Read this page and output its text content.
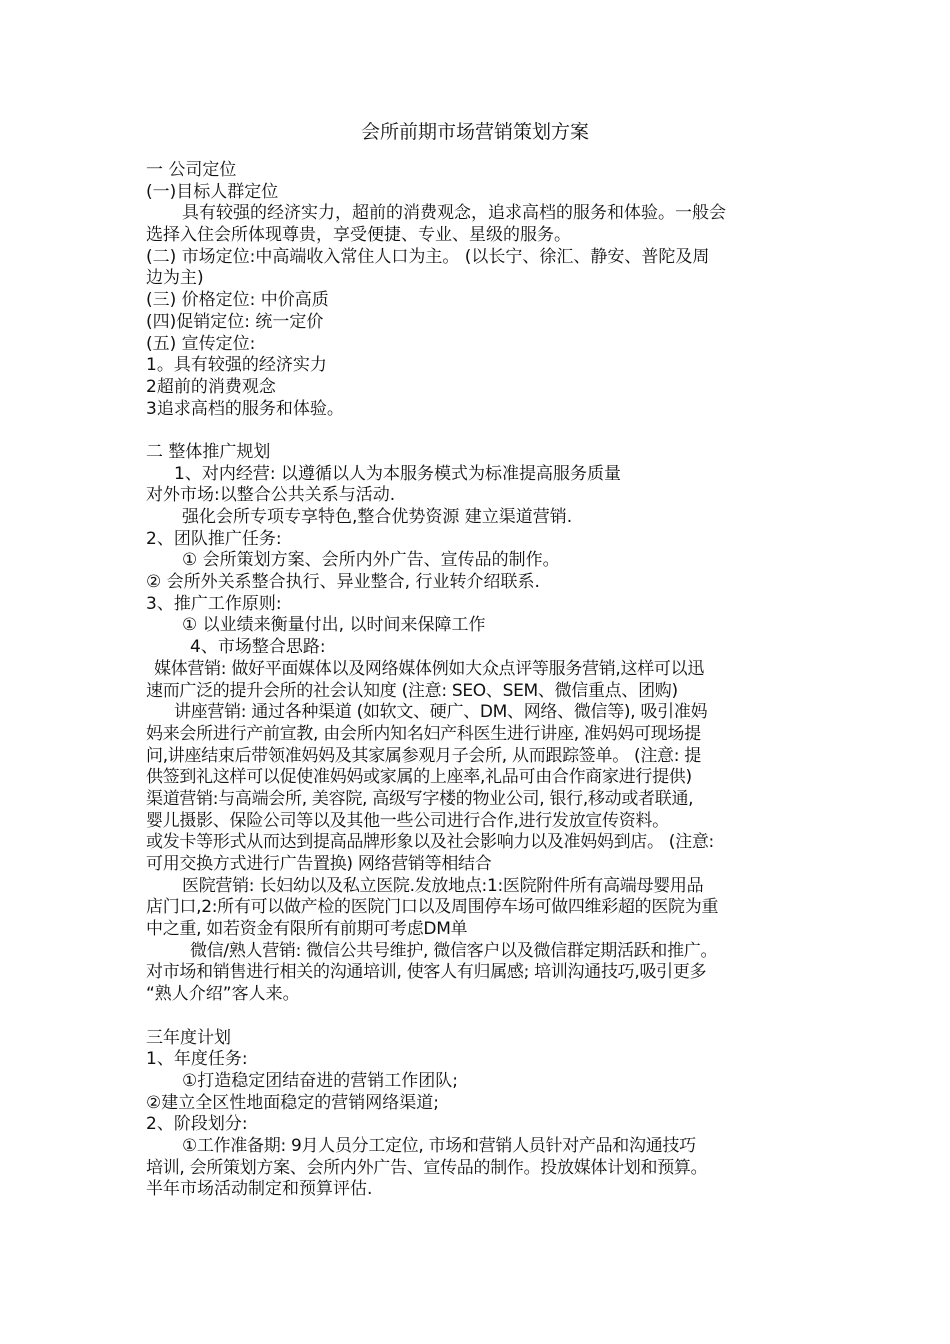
会所前期市场营销策划方案
一 公司定位
(一)目标人群定位
具有较强的经济实力，超前的消费观念，追求高档的服务和体验。一般会
选择入住会所体现尊贵，享受便捷、专业、星级的服务。
(二) 市场定位:中高端收入常住人口为主。 (以长宁、徐汇、静安、普陀及周
边为主)
(三) 价格定位: 中价高质
(四)促销定位: 统一定价
(五) 宣传定位:
1。具有较强的经济实力
2超前的消费观念
3追求高档的服务和体验。
二 整体推广规划
1、对内经营: 以遵循以人为本服务模式为标准提高服务质量
对外市场:以整合公共关系与活动.
强化会所专项专享特色,整合优势资源 建立渠道营销.
2、团队推广任务:
① 会所策划方案、会所内外广告、宣传品的制作。
② 会所外关系整合执行、异业整合, 行业转介绍联系.
3、推广工作原则:
① 以业绩来衡量付出, 以时间来保障工作
4、市场整合思路:
媒体营销: 做好平面媒体以及网络媒体例如大众点评等服务营销,这样可以迅
速而广泛的提升会所的社会认知度 (注意: SEO、SEM、微信重点、团购)
讲座营销: 通过各种渠道 (如软文、硬广、DM、网络、微信等), 吸引准妈
妈来会所进行产前宣教, 由会所内知名妇产科医生进行讲座, 准妈妈可现场提
问,讲座结束后带领准妈妈及其家属参观月子会所, 从而跟踪签单。 (注意: 提
供签到礼这样可以促使准妈妈或家属的上座率,礼品可由合作商家进行提供)
渠道营销:与高端会所, 美容院, 高级写字楼的物业公司, 银行,移动或者联通,
婴儿摄影、保险公司等以及其他一些公司进行合作,进行发放宣传资料。
或发卡等形式从而达到提高品牌形象以及社会影响力以及准妈妈到店。 (注意:
可用交换方式进行广告置换) 网络营销等相结合
医院营销: 长妇幼以及私立医院.发放地点:1:医院附件所有高端母婴用品
店门口,2:所有可以做产检的医院门口以及周围停车场可做四维彩超的医院为重
中之重, 如若资金有限所有前期可考虑DM单
微信/熟人营销: 微信公共号维护, 微信客户以及微信群定期活跃和推广。
对市场和销售进行相关的沟通培训, 使客人有归属感; 培训沟通技巧,吸引更多
“熟人介绍”客人来。
三年度计划
1、年度任务:
①打造稳定团结奋进的营销工作团队;
②建立全区性地面稳定的营销网络渠道;
2、阶段划分:
①工作准备期: 9月人员分工定位, 市场和营销人员针对产品和沟通技巧
培训, 会所策划方案、会所内外广告、宣传品的制作。投放媒体计划和预算。
半年市场活动制定和预算评估.
